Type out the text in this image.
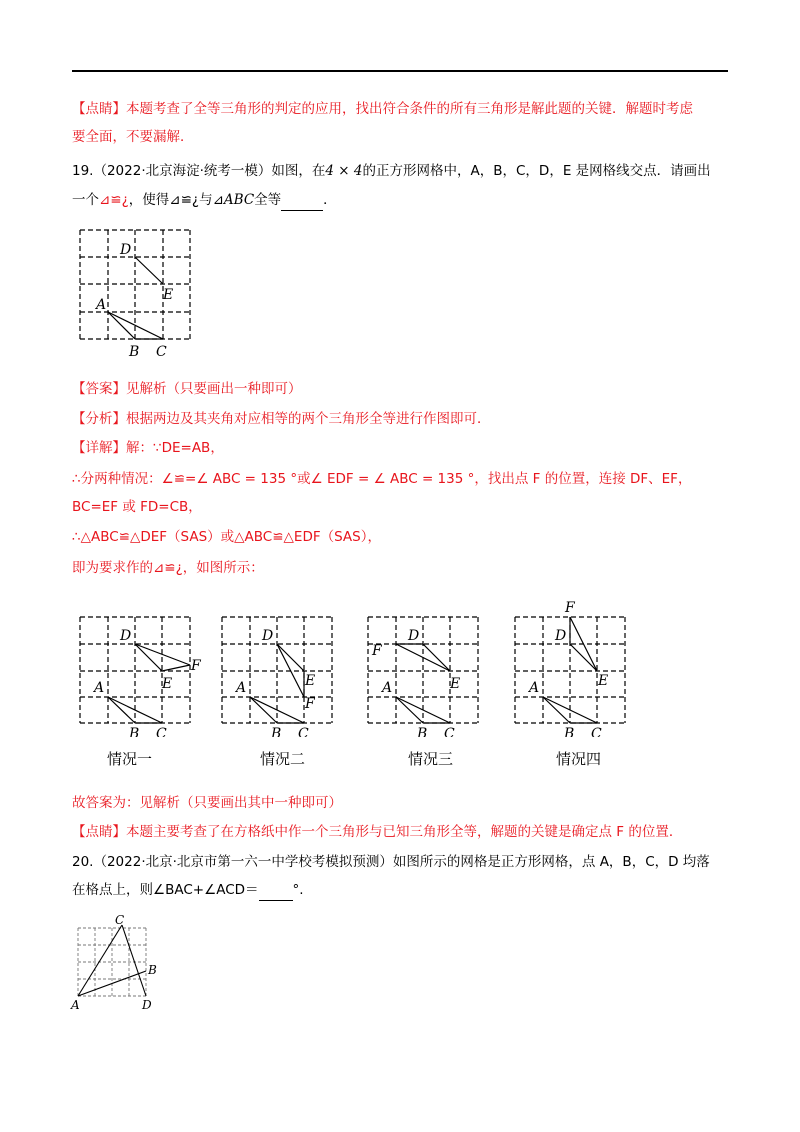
【点睛】本题考查了全等三角形的判定的应用，找出符合条件的所有三角形是解此题的关键．解题时考虑
要全面，不要漏解．
19.（2022·北京海淀·统考一模）如图，在4 × 4的正方形网格中，A，B，C，D，E 是网格线交点．请画出
一个⊿≌¿，使得⊿≌¿与⊿ABC全等	．
D
E
A
B C
【答案】见解析（只要画出一种即可）
【分析】根据两边及其夹角对应相等的两个三角形全等进行作图即可．
【详解】解：∵DE=AB，
∴分两种情况：∠≌=∠ ABC = 135 °或∠ EDF = ∠ ABC = 135 °，找出点 F 的位置，连接 DF、EF，
BC=EF 或 FD=CB，
∴△ABC≌△DEF（SAS）或△ABC≌△EDF（SAS），
即为要求作的⊿≌¿，如图所示：
D
E
F
A
B C
D
E
F
A
B C
D
E
F
A
B C
F
D
E
A
B C
情况一	情况二	情况三	情况四
故答案为：见解析（只要画出其中一种即可）
【点睛】本题主要考查了在方格纸中作一个三角形与已知三角形全等，解题的关键是确定点 F 的位置．
20.（2022·北京·北京市第一六一中学校考模拟预测）如图所示的网格是正方形网格，点 A，B，C，D 均落
在格点上，则∠BAC+∠ACD＝	°.
C
B
A	D
